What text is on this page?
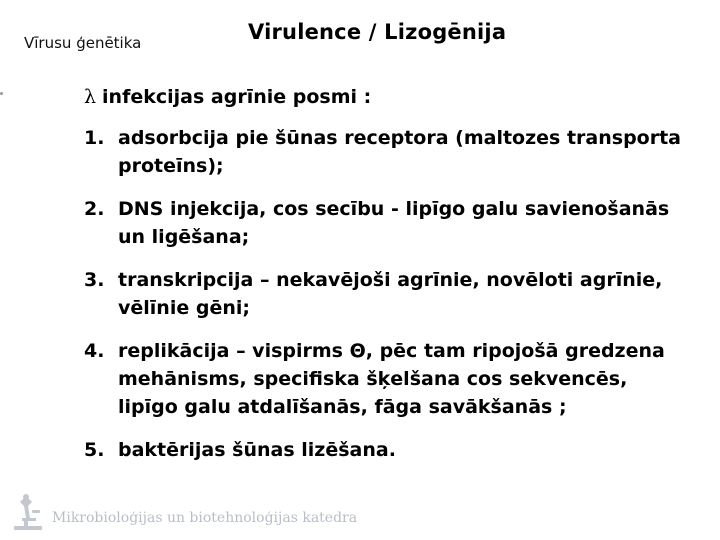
Vīrusu ģenētika	Virulence / Lizogēnija
λ infekcijas agrīnie posmi :
1. adsorbcija pie šūnas receptora (maltozes transporta proteīns);
2. DNS injekcija, cos secību - lipīgo galu savienošanās un ligēšana;
3. transkripcija – nekavējoši agrīnie, novēloti agrīnie, vēlīnie gēni;
4. replikācija – vispirms Θ, pēc tam ripojošā gredzena mehānisms, specifiska šķelšana cos sekvencēs, lipīgo galu atdalīšanās, fāga savākšanās ;
5. baktērijas šūnas lizēšana.
Mikrobioloģijas un biotehnoloģijas katedra
